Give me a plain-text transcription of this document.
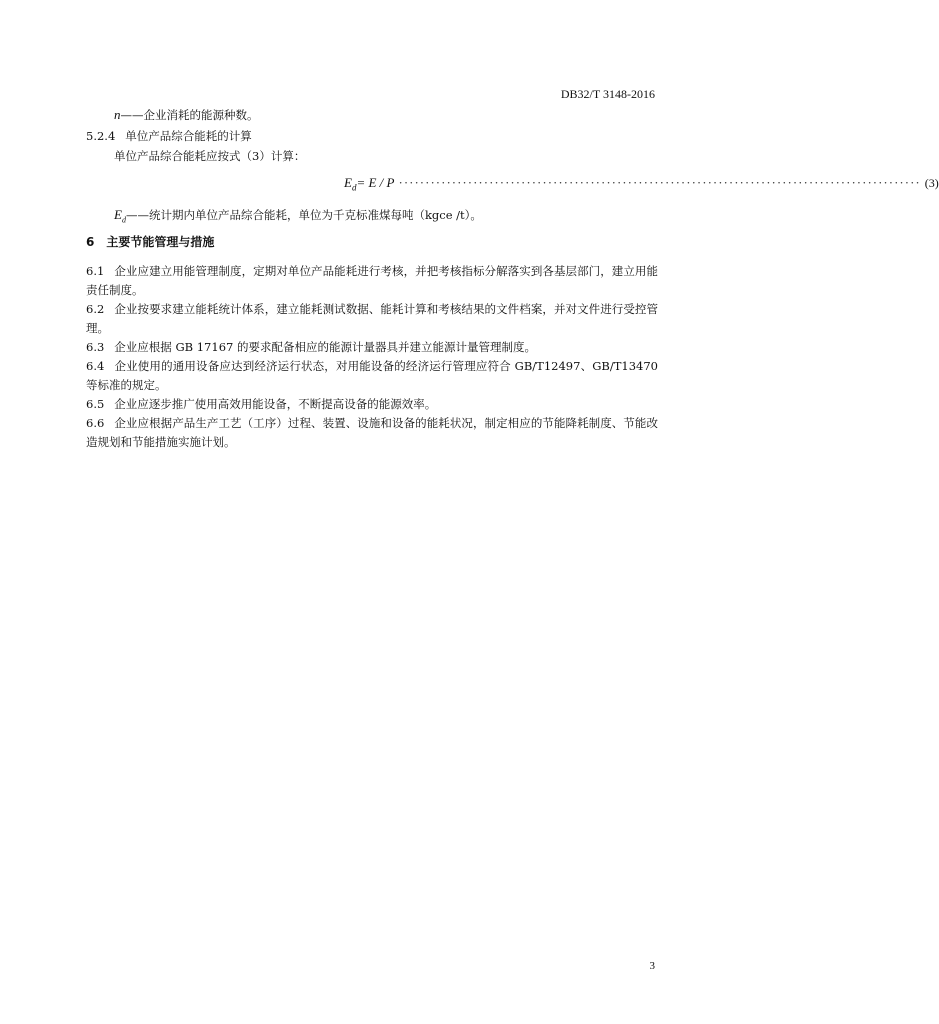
DB32/T 3148-2016
n——企业消耗的能源种数。
5.2.4 单位产品综合能耗的计算
单位产品综合能耗应按式（3）计算：
$E_d = E / P$ ·································································································· (3)
$E_d——$统计期内单位产品综合能耗，单位为千克标准煤每吨（kgce /t）。
6 主要节能管理与措施
6.1 企业应建立用能管理制度，定期对单位产品能耗进行考核，并把考核指标分解落实到各基层部门，建立用能责任制度。
6.2 企业按要求建立能耗统计体系，建立能耗测试数据、能耗计算和考核结果的文件档案，并对文件进行受控管理。
6.3 企业应根据 GB 17167 的要求配备相应的能源计量器具并建立能源计量管理制度。
6.4 企业使用的通用设备应达到经济运行状态，对用能设备的经济运行管理应符合 GB/T12497、GB/T13470 等标准的规定。
6.5 企业应逐步推广使用高效用能设备，不断提高设备的能源效率。
6.6 企业应根据产品生产工艺（工序）过程、装置、设施和设备的能耗状况，制定相应的节能降耗制度、节能改造规划和节能措施实施计划。
3
